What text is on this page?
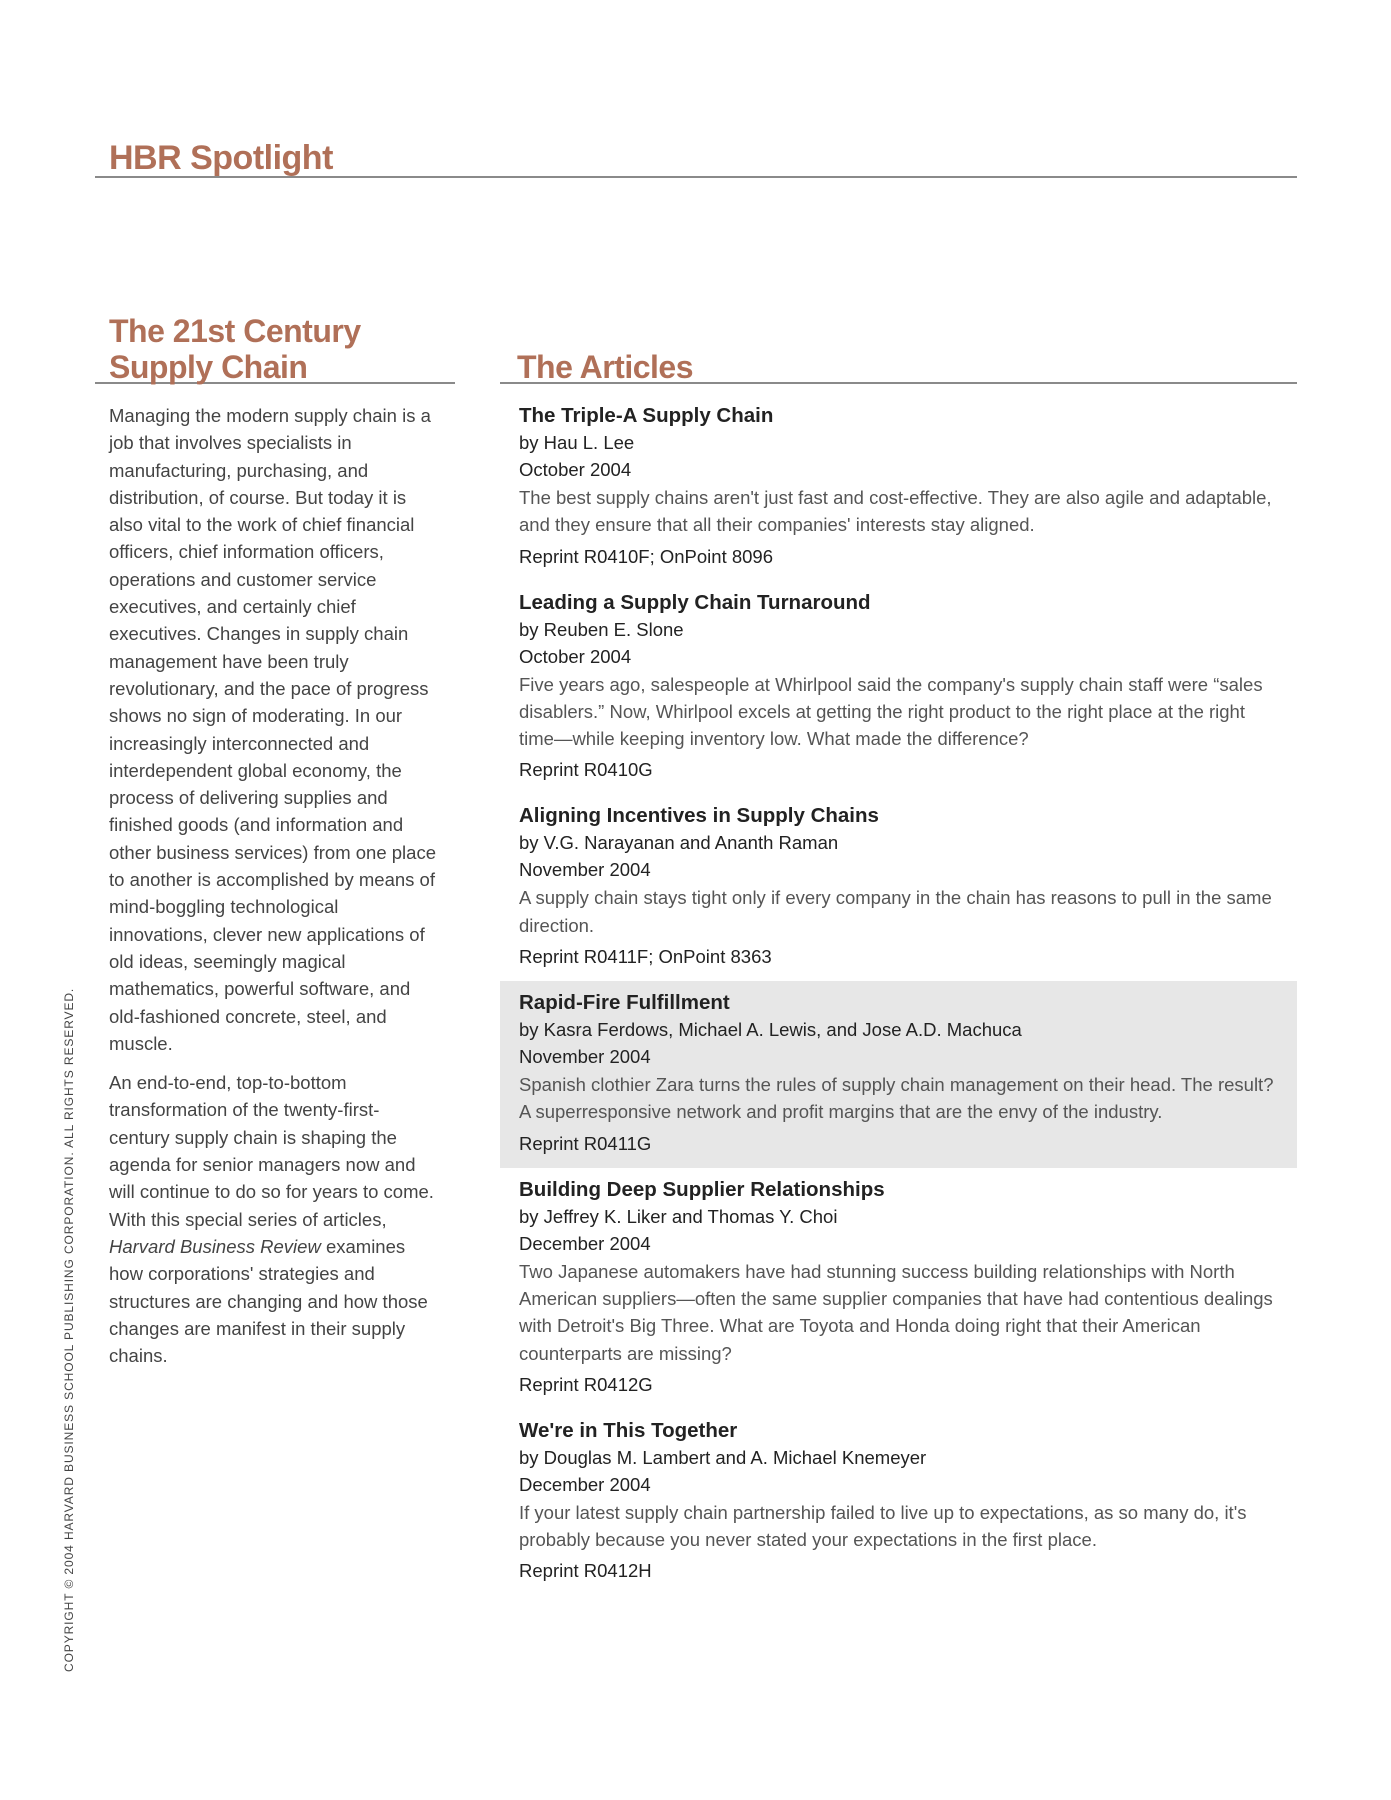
HBR Spotlight
The 21st Century
Supply Chain

Managing the modern supply chain is a job that involves specialists in manufacturing, purchasing, and distribution, of course. But today it is also vital to the work of chief financial officers, chief information officers, operations and customer service executives, and certainly chief executives. Changes in supply chain management have been truly revolutionary, and the pace of progress shows no sign of moderating. In our increasingly interconnected and interdependent global economy, the process of delivering supplies and finished goods (and information and other business services) from one place to another is accomplished by means of mind-boggling technological innovations, clever new applications of old ideas, seemingly magical mathematics, powerful software, and old-fashioned concrete, steel, and muscle.

An end-to-end, top-to-bottom transformation of the twenty-first-century supply chain is shaping the agenda for senior managers now and will continue to do so for years to come. With this special series of articles, Harvard Business Review examines how corporations' strategies and structures are changing and how those changes are manifest in their supply chains.

The Articles
The Triple-A Supply Chain
by Hau L. Lee
October 2004
The best supply chains aren't just fast and cost-effective. They are also agile and adaptable, and they ensure that all their companies' interests stay aligned.
Reprint R0410F; OnPoint 8096
Leading a Supply Chain Turnaround
by Reuben E. Slone
October 2004
Five years ago, salespeople at Whirlpool said the company's supply chain staff were “sales disablers.” Now, Whirlpool excels at getting the right product to the right place at the right time—while keeping inventory low. What made the difference?
Reprint R0410G
Aligning Incentives in Supply Chains
by V.G. Narayanan and Ananth Raman
November 2004
A supply chain stays tight only if every company in the chain has reasons to pull in the same direction.
Reprint R0411F; OnPoint 8363
Rapid-Fire Fulfillment
by Kasra Ferdows, Michael A. Lewis, and Jose A.D. Machuca
November 2004
Spanish clothier Zara turns the rules of supply chain management on their head. The result? A superresponsive network and profit margins that are the envy of the industry.
Reprint R0411G
Building Deep Supplier Relationships
by Jeffrey K. Liker and Thomas Y. Choi
December 2004
Two Japanese automakers have had stunning success building relationships with North American suppliers—often the same supplier companies that have had contentious dealings with Detroit's Big Three. What are Toyota and Honda doing right that their American counterparts are missing?
Reprint R0412G
We're in This Together
by Douglas M. Lambert and A. Michael Knemeyer
December 2004
If your latest supply chain partnership failed to live up to expectations, as so many do, it's probably because you never stated your expectations in the first place.
Reprint R0412H
COPYRIGHT © 2004 HARVARD BUSINESS SCHOOL PUBLISHING CORPORATION. ALL RIGHTS RESERVED.
